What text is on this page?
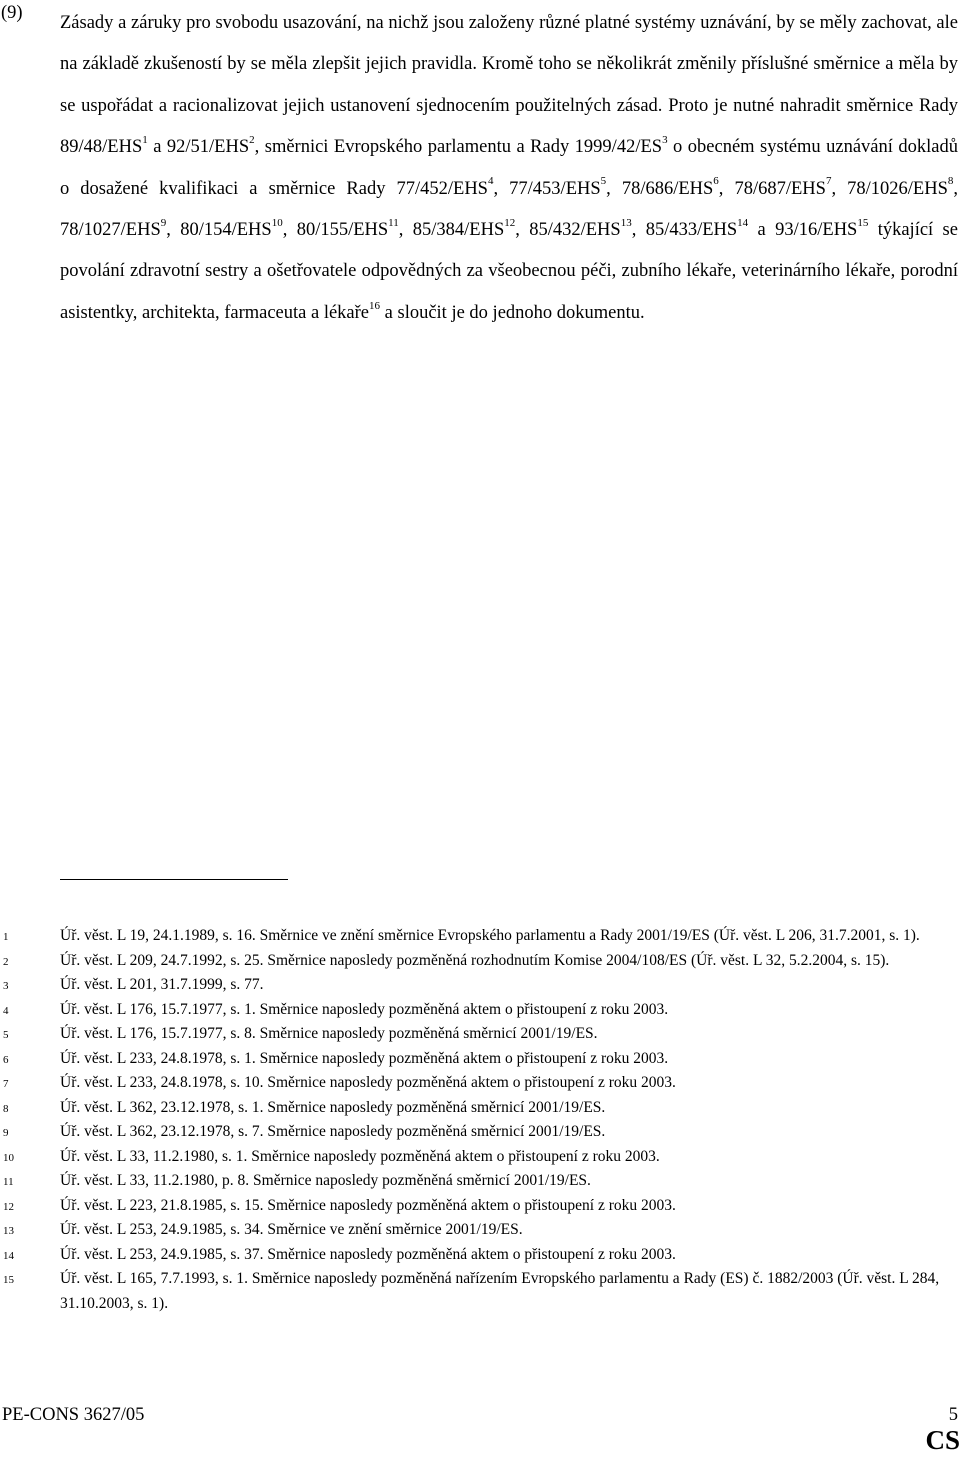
(9) Zásady a záruky pro svobodu usazování, na nichž jsou založeny různé platné systémy uznávání, by se měly zachovat, ale na základě zkušeností by se měla zlepšit jejich pravidla. Kromě toho se několikrát změnily příslušné směrnice a měla by se uspořádat a racionalizovat jejich ustanovení sjednocením použitelných zásad. Proto je nutné nahradit směrnice Rady 89/48/EHS$^1$ a 92/51/EHS$^2$, směrnici Evropského parlamentu a Rady $1999/42/ES^3$ o obecném systému uznávání dokladů o dosažené kvalifikaci a směrnice Rady 77/452/EHS$^4$, 77/453/EHS$^5$, 78/686/EHS$^6$, 78/687/EHS$^7$, 78/1026/EHS$^8$, 78/1027/EHS$^9$, 80/154/EHS$^{10}$, 80/155/EHS$^{11}$, 85/384/EHS$^{12}$, 85/432/EHS$^{13}$, 85/433/EHS$^{14}$ a 93/16/EHS$^{15}$ týkající se povolání zdravotní sestry a ošetřovatele odpovědných za všeobecnou péči, zubního lékaře, veterinárního lékaře, porodní asistentky, architekta, farmaceuta a lékaře$^{16}$ a sloučit je do jednoho dokumentu.
1	Úř. věst. L 19, 24.1.1989, s. 16. Směrnice ve znění směrnice Evropského parlamentu a Rady 2001/19/ES (Úř. věst. L 206, 31.7.2001, s. 1).
2	Úř. věst. L 209, 24.7.1992, s. 25. Směrnice naposledy pozměněná rozhodnutím Komise 2004/108/ES (Úř. věst. L 32, 5.2.2004, s. 15).
3	Úř. věst. L 201, 31.7.1999, s. 77.
4	Úř. věst. L 176, 15.7.1977, s. 1. Směrnice naposledy pozměněná aktem o přistoupení z roku 2003.
5	Úř. věst. L 176, 15.7.1977, s. 8. Směrnice naposledy pozměněná směrnicí 2001/19/ES.
6	Úř. věst. L 233, 24.8.1978, s. 1. Směrnice naposledy pozměněná aktem o přistoupení z roku 2003.
7	Úř. věst. L 233, 24.8.1978, s. 10. Směrnice naposledy pozměněná aktem o přistoupení z roku 2003.
8	Úř. věst. L 362, 23.12.1978, s. 1. Směrnice naposledy pozměněná směrnicí 2001/19/ES.
9	Úř. věst. L 362, 23.12.1978, s. 7. Směrnice naposledy pozměněná směrnicí 2001/19/ES.
10	Úř. věst. L 33, 11.2.1980, s. 1. Směrnice naposledy pozměněná aktem o přistoupení z roku 2003.
11	Úř. věst. L 33, 11.2.1980, p. 8. Směrnice naposledy pozměněná směrnicí 2001/19/ES.
12	Úř. věst. L 223, 21.8.1985, s. 15. Směrnice naposledy pozměněná aktem o přistoupení z roku 2003.
13	Úř. věst. L 253, 24.9.1985, s. 34. Směrnice ve znění směrnice 2001/19/ES.
14	Úř. věst. L 253, 24.9.1985, s. 37. Směrnice naposledy pozměněná aktem o přistoupení z roku 2003.
15	Úř. věst. L 165, 7.7.1993, s. 1. Směrnice naposledy pozměněná nařízením Evropského parlamentu a Rady (ES) č. 1882/2003 (Úř. věst. L 284, 31.10.2003, s. 1).
PE-CONS 3627/05	5
CS
